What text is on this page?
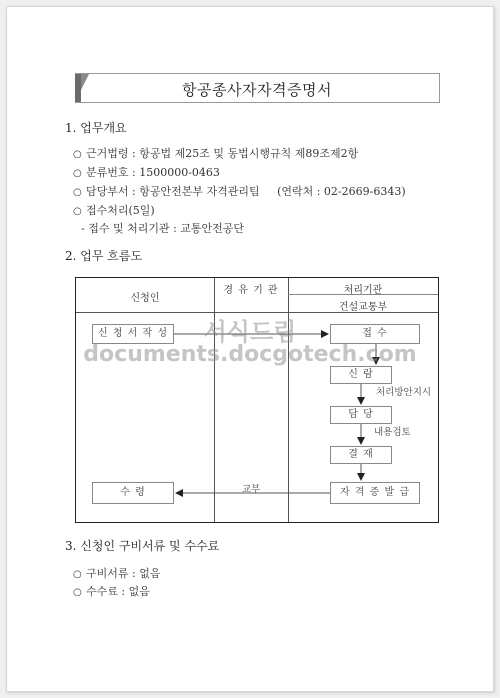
항공종사자자격증명서
1. 업무개요
○ 근거법령 : 항공법 제25조 및 동법시행규칙 제89조제2항
○ 분류번호 : 1500000-0463
○ 담당부서 : 항공안전본부 자격관리팀     (연락처 : 02-2669-6343)
○ 접수처리(5일)
- 접수 및 처리기관 : 교통안전공단
2. 업무 흐름도
신청인
경 유 기 관	처리기관
건설교통부
신 청 서 작 성	접 수
신 람
담 당
결 재
자 격 증 발 급
수 령
처리방안지시
내용검토
교부
서식드림
documents.docgotech.com
3. 신청인 구비서류 및 수수료
○ 구비서류 : 없음
○ 수수료 : 없음
